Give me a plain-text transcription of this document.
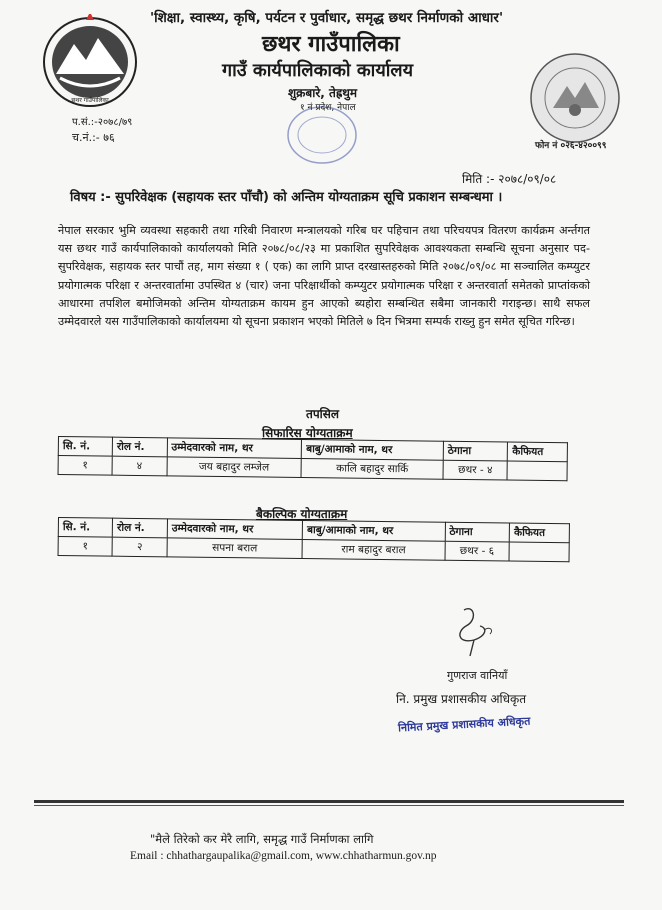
छथर गाउँपालिका
'शिक्षा, स्वास्थ्य, कृषि, पर्यटन र पुर्वाधार, समृद्ध छथर निर्माणको आधार'
छथर गाउँपालिका
गाउँ कार्यपालिकाको कार्यालय
शुक्रबारे, तेह्रथुम
१ नं प्रदेश, नेपाल
प.सं.:-२०७८/७९
च.नं.:- ७६
फोन नं ०२६-४२००९९
मिति :- २०७८/०९/०८
विषय :- सुपरिवेक्षक (सहायक स्तर पाँचौ) को अन्तिम योग्यताक्रम सूचि प्रकाशन सम्बन्धमा ।
नेपाल सरकार भुमि व्यवस्था सहकारी तथा गरिबी निवारण मन्त्रालयको गरिब घर पहिचान तथा परिचयपत्र वितरण कार्यक्रम अर्न्तगत यस छथर गाउँ कार्यपालिकाको कार्यालयको मिति २०७८/०८/२३ मा प्रकाशित सुपरिवेक्षक आवश्यकता सम्बन्धि सूचना अनुसार पद-सुपरिवेक्षक, सहायक स्तर पाचौं तह, माग संख्या १ ( एक) का लागि प्राप्त दरखास्तहरुको मिति २०७८/०९/०८ मा सञ्चालित कम्प्युटर प्रयोगात्मक परिक्षा र अन्तरवार्तामा उपस्थित ४ (चार) जना परिक्षार्थीको कम्प्युटर प्रयोगात्मक परिक्षा र अन्तरवार्ता समेतको प्राप्तांकको आधारमा तपशिल बमोजिमको अन्तिम योग्यताक्रम कायम हुन आएको ब्यहोरा सम्बन्धित सबैमा जानकारी गराइन्छ। साथै सफल उम्मेदवारले यस गाउँपालिकाको कार्यालयमा यो सूचना प्रकाशन भएको मितिले ७ दिन भित्रमा सम्पर्क राख्नु हुन समेत सूचित गरिन्छ।
तपसिल
सिफारिस योग्यताक्रम
सि. नं.	रोल नं.	उम्मेदवारको नाम, थर	बाबु/आमाको नाम, थर	ठेगाना	कैफियत
१	४	जय बहादुर लम्जेल	कालि बहादुर सार्कि	छथर - ४	
बैकल्पिक योग्यताक्रम
सि. नं.	रोल नं.	उम्मेदवारको नाम, थर	बाबु/आमाको नाम, थर	ठेगाना	कैफियत
१	२	सपना बराल	राम बहादुर बराल	छथर - ६	
गुणराज वानियाँ
नि. प्रमुख प्रशासकीय अधिकृत
निमित प्रमुख प्रशासकीय अधिकृत
"मैले तिरेको कर मेरै लागि, समृद्ध गाउँ निर्माणका लागि
Email : chhathargaupalika@gmail.com, www.chhatharmun.gov.np
